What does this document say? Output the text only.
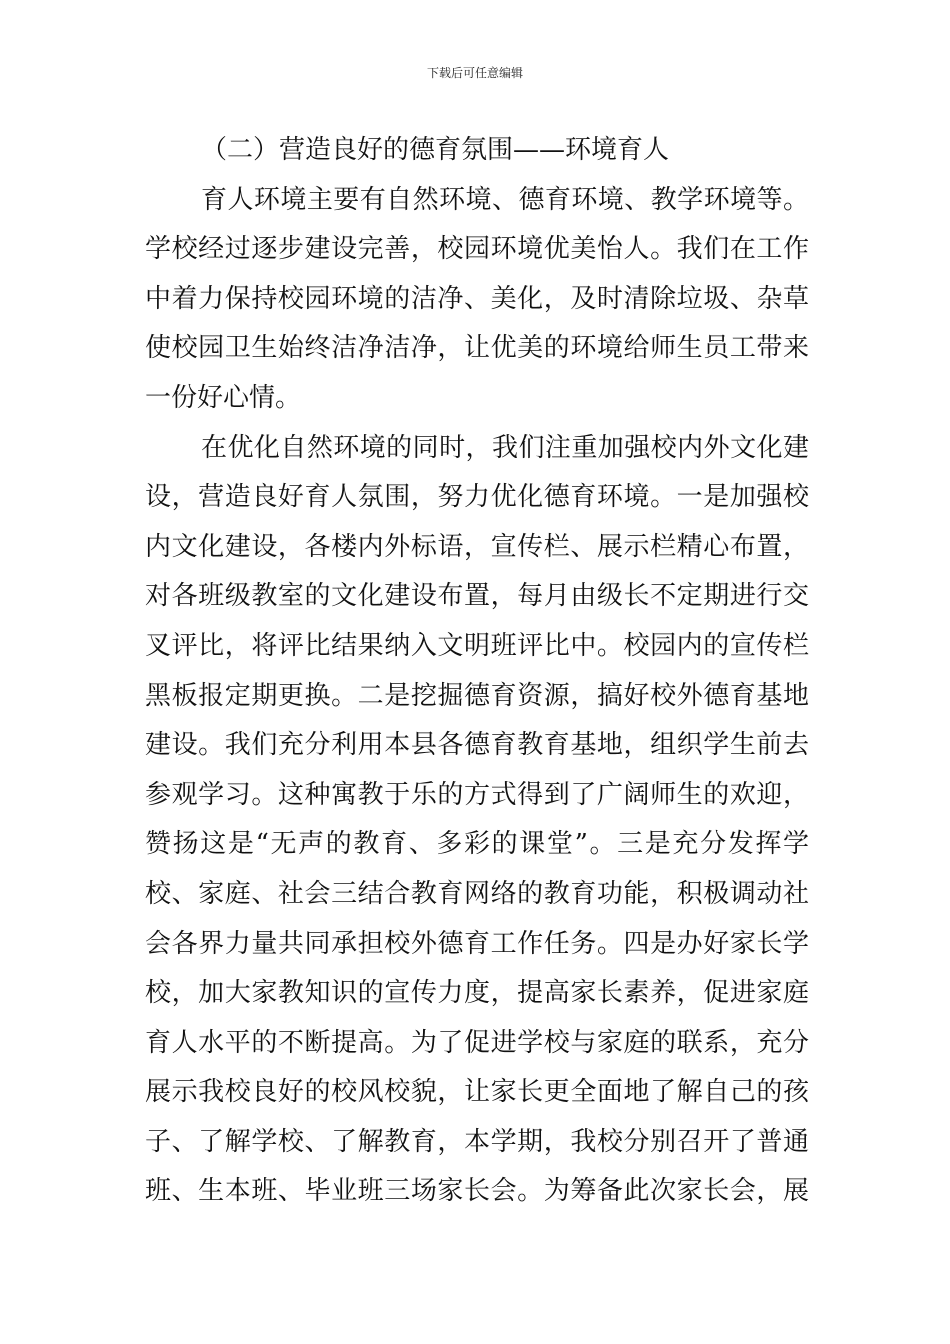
下载后可任意编辑
（二）营造良好的德育氛围——环境育人

育人环境主要有自然环境、德育环境、教学环境等。
学校经过逐步建设完善，校园环境优美怡人。我们在工作
中着力保持校园环境的洁净、美化，及时清除垃圾、杂草
使校园卫生始终洁净洁净，让优美的环境给师生员工带来
一份好心情。

在优化自然环境的同时，我们注重加强校内外文化建
设，营造良好育人氛围，努力优化德育环境。一是加强校
内文化建设，各楼内外标语，宣传栏、展示栏精心布置，
对各班级教室的文化建设布置，每月由级长不定期进行交
叉评比，将评比结果纳入文明班评比中。校园内的宣传栏
黑板报定期更换。二是挖掘德育资源，搞好校外德育基地
建设。我们充分利用本县各德育教育基地，组织学生前去
参观学习。这种寓教于乐的方式得到了广阔师生的欢迎，
赞扬这是“无声的教育、多彩的课堂”。三是充分发挥学
校、家庭、社会三结合教育网络的教育功能，积极调动社
会各界力量共同承担校外德育工作任务。四是办好家长学
校，加大家教知识的宣传力度，提高家长素养，促进家庭
育人水平的不断提高。为了促进学校与家庭的联系，充分
展示我校良好的校风校貌，让家长更全面地了解自己的孩
子、了解学校、了解教育，本学期，我校分别召开了普通
班、生本班、毕业班三场家长会。为筹备此次家长会，展
